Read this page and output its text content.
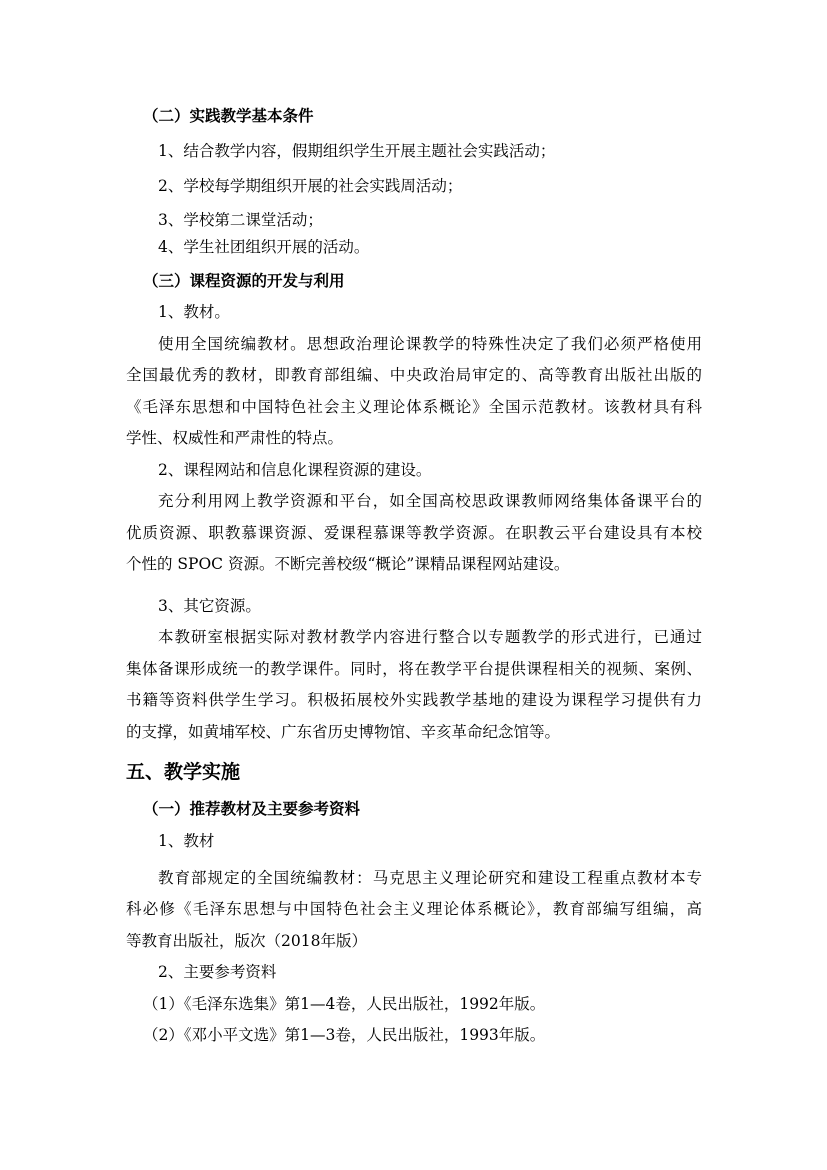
（二）实践教学基本条件
1、结合教学内容，假期组织学生开展主题社会实践活动；
2、学校每学期组织开展的社会实践周活动；
3、学校第二课堂活动；
4、学生社团组织开展的活动。
（三）课程资源的开发与利用
1、教材。
使用全国统编教材。思想政治理论课教学的特殊性决定了我们必须严格使用
全国最优秀的教材，即教育部组编、中央政治局审定的、高等教育出版社出版的
《毛泽东思想和中国特色社会主义理论体系概论》全国示范教材。该教材具有科
学性、权威性和严肃性的特点。
2、课程网站和信息化课程资源的建设。
充分利用网上教学资源和平台，如全国高校思政课教师网络集体备课平台的
优质资源、职教慕课资源、爱课程慕课等教学资源。在职教云平台建设具有本校
个性的 SPOC 资源。不断完善校级“概论”课精品课程网站建设。
3、其它资源。
本教研室根据实际对教材教学内容进行整合以专题教学的形式进行，已通过
集体备课形成统一的教学课件。同时，将在教学平台提供课程相关的视频、案例、
书籍等资料供学生学习。积极拓展校外实践教学基地的建设为课程学习提供有力
的支撑，如黄埔军校、广东省历史博物馆、辛亥革命纪念馆等。
五、教学实施
（一）推荐教材及主要参考资料
1、教材
教育部规定的全国统编教材：马克思主义理论研究和建设工程重点教材本专
科必修《毛泽东思想与中国特色社会主义理论体系概论》，教育部编写组编，高
等教育出版社，版次（2018年版）
2、主要参考资料
（1）《毛泽东选集》第1—4卷，人民出版社，1992年版。
（2）《邓小平文选》第1—3卷，人民出版社，1993年版。
